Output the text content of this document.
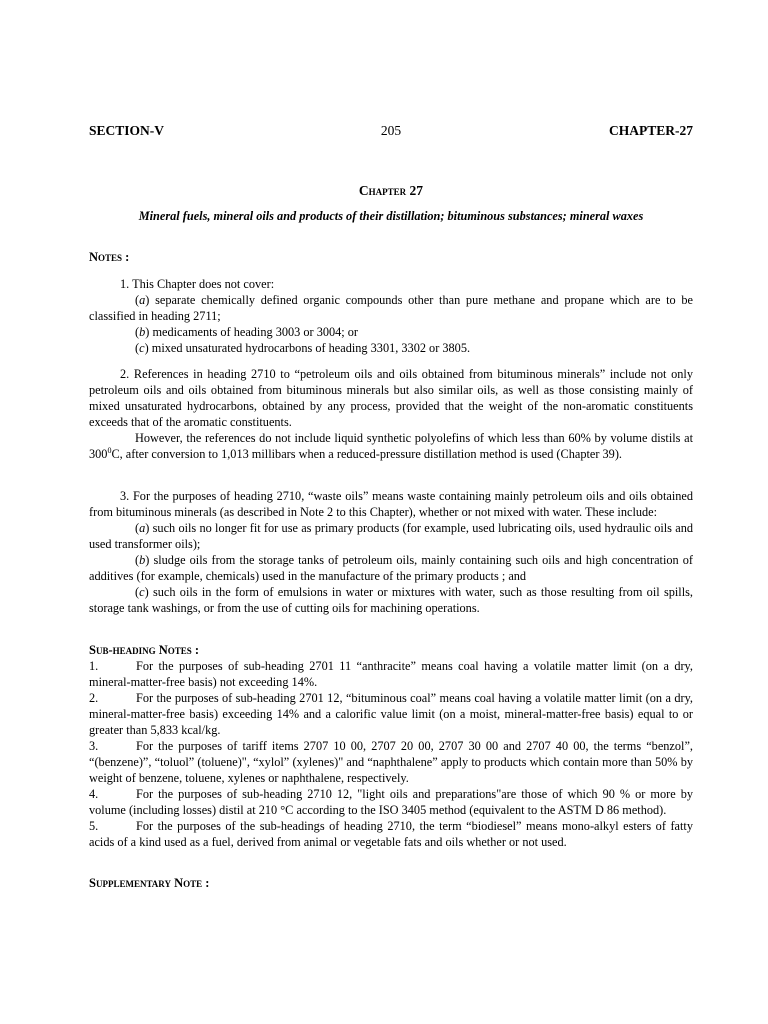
SECTION-V	205	CHAPTER-27
Chapter 27
Mineral fuels, mineral oils and products of their distillation; bituminous substances; mineral waxes
Notes :

1. This Chapter does not cover:

(a) separate chemically defined organic compounds other than pure methane and propane which are to be classified in heading 2711;

(b) medicaments of heading 3003 or 3004; or

(c) mixed unsaturated hydrocarbons of heading 3301, 3302 or 3805.

2. References in heading 2710 to “petroleum oils and oils obtained from bituminous minerals” include not only petroleum oils and oils obtained from bituminous minerals but also similar oils, as well as those consisting mainly of mixed unsaturated hydrocarbons, obtained by any process, provided that the weight of the non-aromatic constituents exceeds that of the aromatic constituents.

However, the references do not include liquid synthetic polyolefins of which less than 60% by volume distils at $300^0C$, after conversion to 1,013 millibars when a reduced-pressure distillation method is used (Chapter 39).

3. For the purposes of heading 2710, “waste oils” means waste containing mainly petroleum oils and oils obtained from bituminous minerals (as described in Note 2 to this Chapter), whether or not mixed with water. These include:

(a) such oils no longer fit for use as primary products (for example, used lubricating oils, used hydraulic oils and used transformer oils);

(b) sludge oils from the storage tanks of petroleum oils, mainly containing such oils and high concentration of additives (for example, chemicals) used in the manufacture of the primary products ; and

(c) such oils in the form of emulsions in water or mixtures with water, such as those resulting from oil spills, storage tank washings, or from the use of cutting oils for machining operations.

Sub-heading Notes :

1.	For the purposes of sub-heading 2701 11 “anthracite” means coal having a volatile matter limit (on a dry, mineral-matter-free basis) not exceeding 14%.

2.	For the purposes of sub-heading 2701 12, “bituminous coal” means coal having a volatile matter limit (on a dry, mineral-matter-free basis) exceeding 14% and a calorific value limit (on a moist, mineral-matter-free basis) equal to or greater than 5,833 kcal/kg.

3.	For the purposes of tariff items 2707 10 00, 2707 20 00, 2707 30 00 and 2707 40 00, the terms “benzol”, “(benzene)”, “toluol” (toluene)", “xylol” (xylenes)" and “naphthalene” apply to products which contain more than 50% by weight of benzene, toluene, xylenes or naphthalene, respectively.

4.	For the purposes of sub-heading 2710 12, "light oils and preparations"are those of which 90 % or more by volume (including losses) distil at 210 °C according to the ISO 3405 method (equivalent to the ASTM D 86 method).

5.	For the purposes of the sub-headings of heading 2710, the term “biodiesel” means mono-alkyl esters of fatty acids of a kind used as a fuel, derived from animal or vegetable fats and oils whether or not used.

Supplementary Note :
